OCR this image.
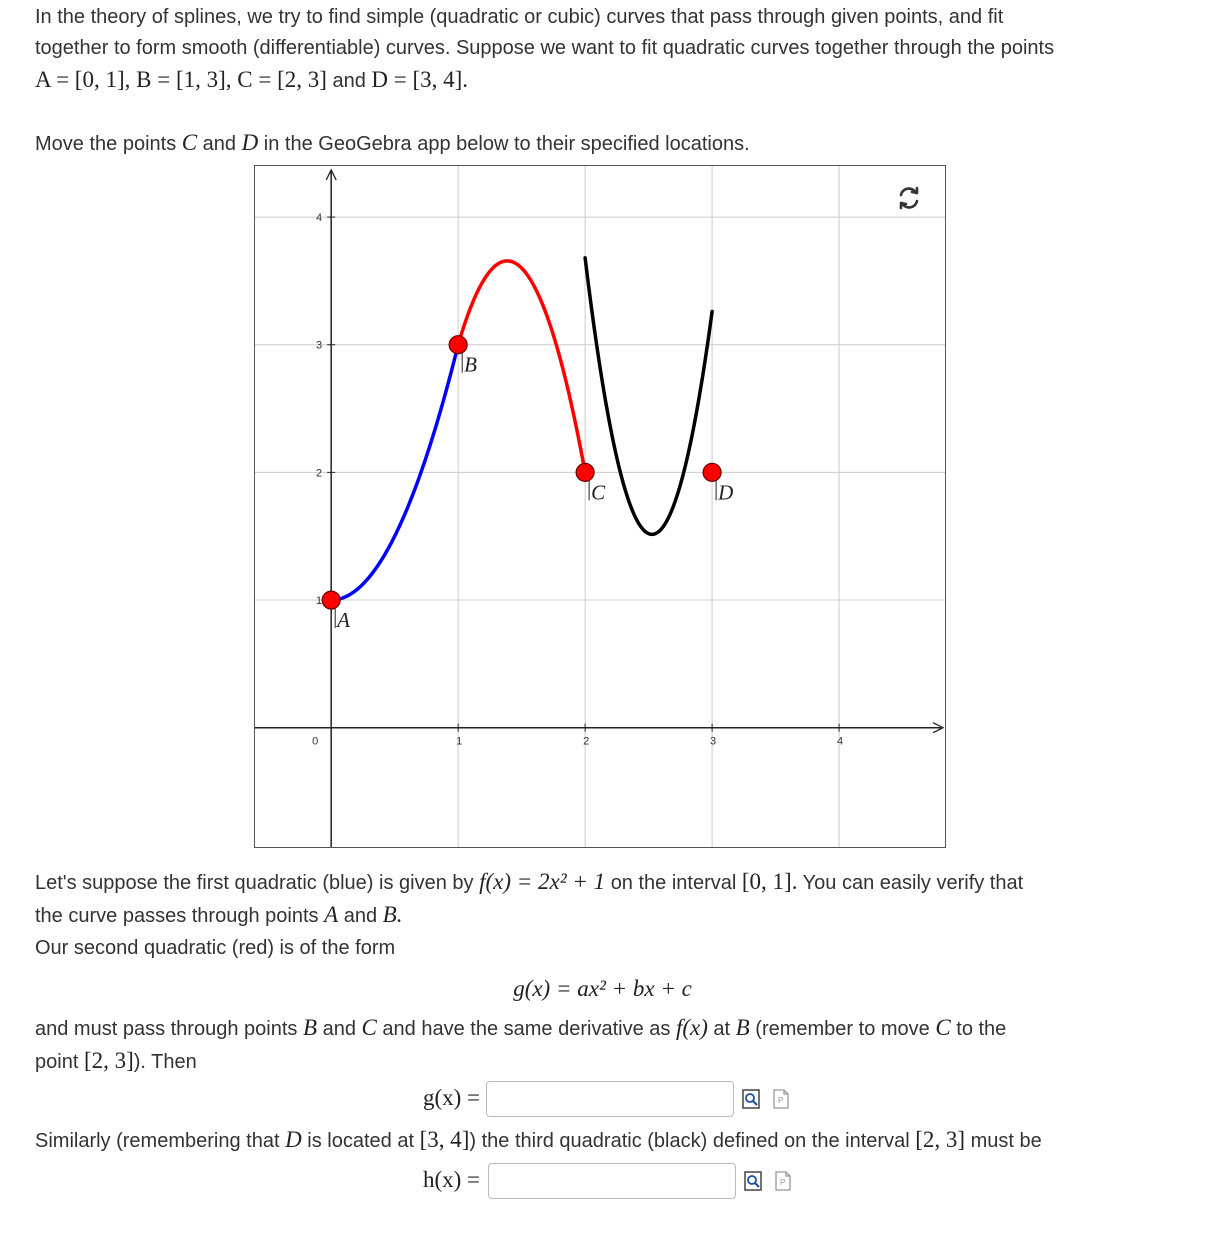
In the theory of splines, we try to find simple (quadratic or cubic) curves that pass through given points, and fit
together to form smooth (differentiable) curves. Suppose we want to fit quadratic curves together through the points
A = [0, 1], B = [1, 3], C = [2, 3] and D = [3, 4].
Move the points C and D in the GeoGebra app below to their specified locations.
0	1	2	3	4
1
2
3
4
A
B
C	D
Let's suppose the first quadratic (blue) is given by f(x) = 2x² + 1 on the interval [0, 1]. You can easily verify that
the curve passes through points A and B.
Our second quadratic (red) is of the form
g(x) = ax² + bx + c
and must pass through points B and C and have the same derivative as f(x) at B (remember to move C to the
point [2, 3]). Then
g(x) =	P
Similarly (remembering that D is located at [3, 4]) the third quadratic (black) defined on the interval [2, 3] must be
h(x) =	P
